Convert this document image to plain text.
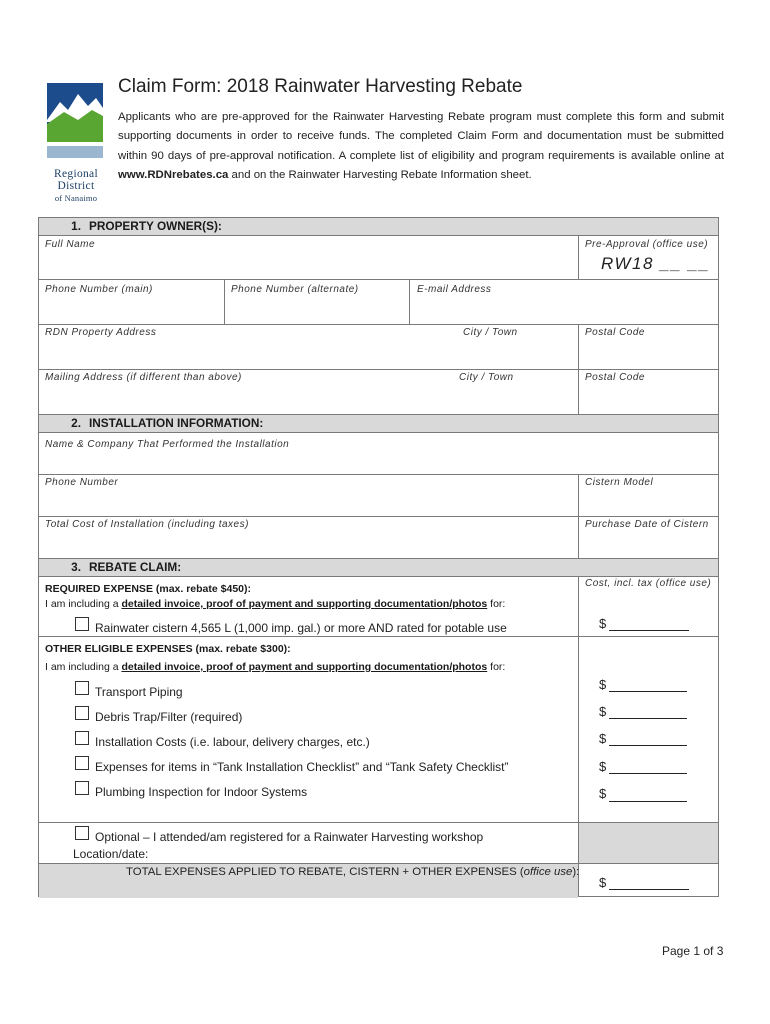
Regional
District
of Nanaimo
Claim Form: 2018 Rainwater Harvesting Rebate
Applicants who are pre-approved for the Rainwater Harvesting Rebate program must complete this form and submit supporting documents in order to receive funds. The completed Claim Form and documentation must be submitted within 90 days of pre-approval notification. A complete list of eligibility and program requirements is available online at www.RDNrebates.ca and on the Rainwater Harvesting Rebate Information sheet.
1. PROPERTY OWNER(S):
Full Name	Pre-Approval (office use)
RW18 __ __
Phone Number (main)	Phone Number (alternate)	E-mail Address
RDN Property Address	City / Town	Postal Code
Mailing Address (if different than above)	City / Town	Postal Code
2. INSTALLATION INFORMATION:
Name & Company That Performed the Installation
Phone Number	Cistern Model
Total Cost of Installation (including taxes)	Purchase Date of Cistern
3. REBATE CLAIM:
Cost, incl. tax (office use)
REQUIRED EXPENSE (max. rebate $450):
I am including a detailed invoice, proof of payment and supporting documentation/photos for:
Rainwater cistern 4,565 L (1,000 imp. gal.) or more AND rated for potable use	$
OTHER ELIGIBLE EXPENSES (max. rebate $300):
I am including a detailed invoice, proof of payment and supporting documentation/photos for:
Transport Piping	$
Debris Trap/Filter (required)	$
Installation Costs (i.e. labour, delivery charges, etc.)	$
Expenses for items in “Tank Installation Checklist” and “Tank Safety Checklist”	$
Plumbing Inspection for Indoor Systems	$
Optional – I attended/am registered for a Rainwater Harvesting workshop
Location/date:
TOTAL EXPENSES APPLIED TO REBATE, CISTERN + OTHER EXPENSES (office use):
$
Page 1 of 3
